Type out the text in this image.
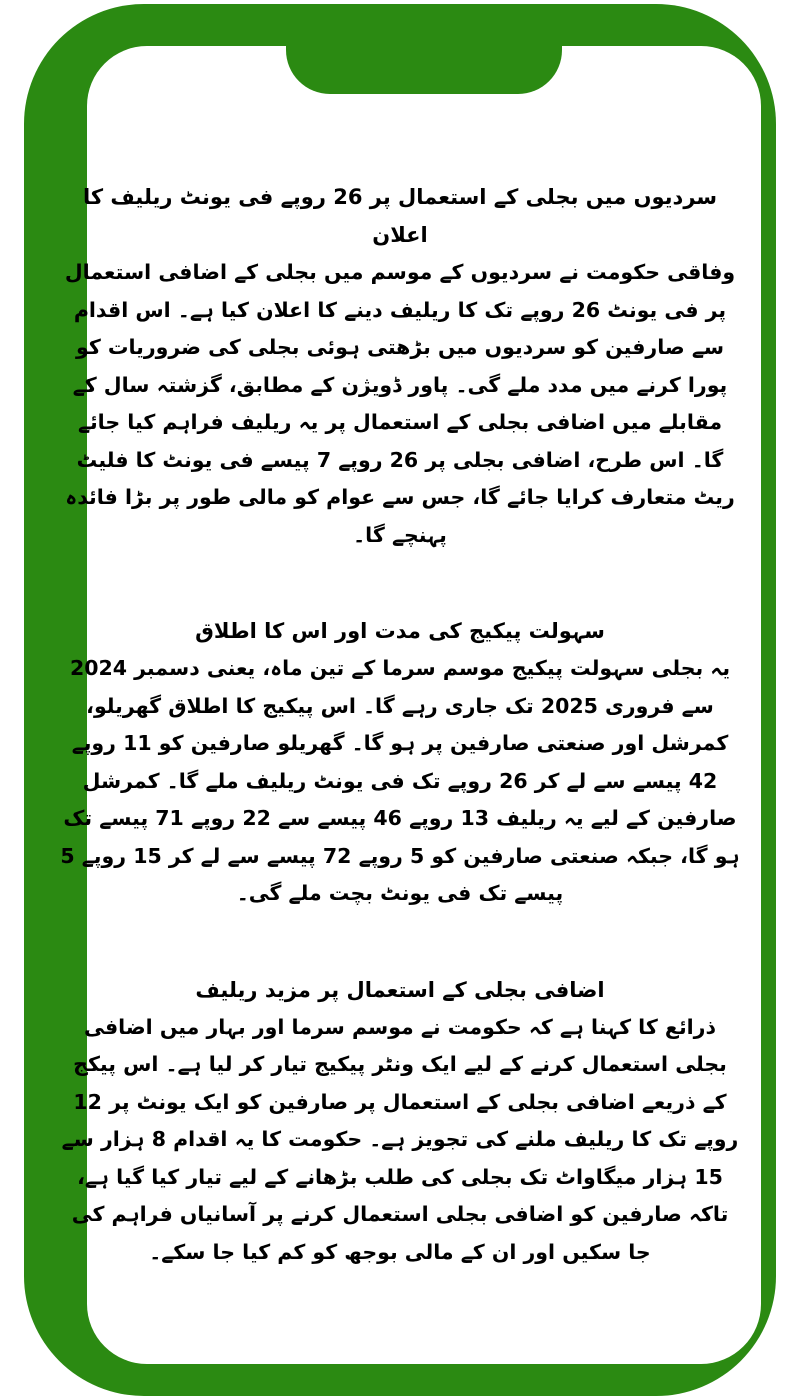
سردیوں میں بجلی کے استعمال پر 26 روپے فی یونٹ ریلیف کا اعلان

وفاقی حکومت نے سردیوں کے موسم میں بجلی کے اضافی استعمال پر فی یونٹ 26 روپے تک کا ریلیف دینے کا اعلان کیا ہے۔ اس اقدام سے صارفین کو سردیوں میں بڑھتی ہوئی بجلی کی ضروریات کو پورا کرنے میں مدد ملے گی۔ پاور ڈویژن کے مطابق، گزشتہ سال کے مقابلے میں اضافی بجلی کے استعمال پر یہ ریلیف فراہم کیا جائے گا۔ اس طرح، اضافی بجلی پر 26 روپے 7 پیسے فی یونٹ کا فلیٹ ریٹ متعارف کرایا جائے گا، جس سے عوام کو مالی طور پر بڑا فائدہ پہنچے گا۔

سہولت پیکیج کی مدت اور اس کا اطلاق

یہ بجلی سہولت پیکیج موسم سرما کے تین ماہ، یعنی دسمبر 2024 سے فروری 2025 تک جاری رہے گا۔ اس پیکیج کا اطلاق گھریلو، کمرشل اور صنعتی صارفین پر ہو گا۔ گھریلو صارفین کو 11 روپے 42 پیسے سے لے کر 26 روپے تک فی یونٹ ریلیف ملے گا۔ کمرشل صارفین کے لیے یہ ریلیف 13 روپے 46 پیسے سے 22 روپے 71 پیسے تک ہو گا، جبکہ صنعتی صارفین کو 5 روپے 72 پیسے سے لے کر 15 روپے 5 پیسے تک فی یونٹ بچت ملے گی۔

اضافی بجلی کے استعمال پر مزید ریلیف

ذرائع کا کہنا ہے کہ حکومت نے موسم سرما اور بہار میں اضافی بجلی استعمال کرنے کے لیے ایک ونٹر پیکیج تیار کر لیا ہے۔ اس پیکج کے ذریعے اضافی بجلی کے استعمال پر صارفین کو ایک یونٹ پر 12 روپے تک کا ریلیف ملنے کی تجویز ہے۔ حکومت کا یہ اقدام 8 ہزار سے 15 ہزار میگاواٹ تک بجلی کی طلب بڑھانے کے لیے تیار کیا گیا ہے، تاکہ صارفین کو اضافی بجلی استعمال کرنے پر آسانیاں فراہم کی جا سکیں اور ان کے مالی بوجھ کو کم کیا جا سکے۔
